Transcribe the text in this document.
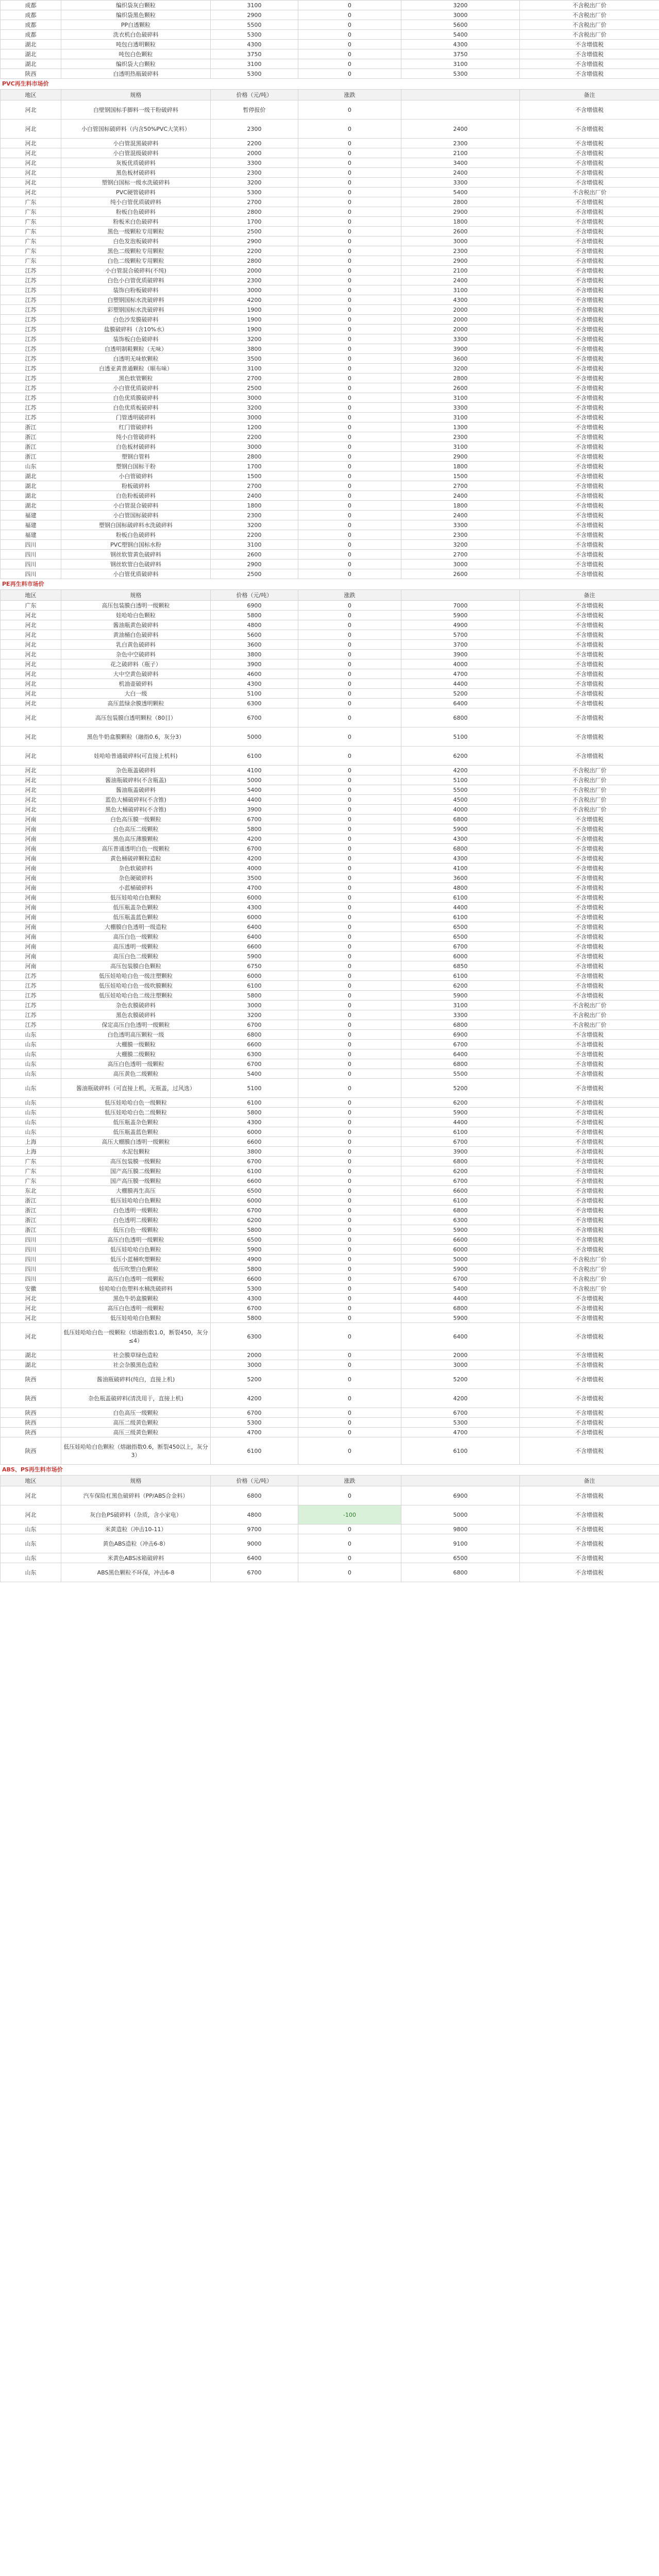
成都	编织袋灰白颗粒	3100	0	3200	不含税出厂价
成都	编织袋黑色颗粒	2900	0	3000	不含税出厂价
成都	PP白透颗粒	5500	0	5600	不含税出厂价
成都	洗衣机白色破碎料	5300	0	5400	不含税出厂价
湖北	吨包白透明颗粒	4300	0	4300	不含增值税
湖北	吨包白色颗粒	3750	0	3750	不含增值税
湖北	编织袋大白颗粒	3100	0	3100	不含增值税
陕西	白透明热瓶破碎料	5300	0	5300	不含增值税
PVC再生料市场价
地区	规格	价格（元/吨）	涨跌		备注
河北	白壁钢国标手脚料一级干粉破碎料	暂停报价	0		不含增值税
河北	小白管国标破碎料（内含50%PVC大笑料）	2300	0	2400	不含增值税
河北	小白管混黑破碎料	2200	0	2300	不含增值税
河北	小白管混级破碎料	2000	0	2100	不含增值税
河北	灰板优质破碎料	3300	0	3400	不含增值税
河北	黑色板材破碎料	2300	0	2400	不含增值税
河北	塑钢白国标一级水洗破碎料	3200	0	3300	不含增值税
河北	PVC硬管破碎料	5300	0	5400	不含税出厂价
广东	纯小白管优质破碎料	2700	0	2800	不含增值税
广东	粉板白色破碎料	2800	0	2900	不含增值税
广东	粉板米白色破碎料	1700	0	1800	不含增值税
广东	黑色一级颗粒专用颗粒	2500	0	2600	不含增值税
广东	白色发泡板破碎料	2900	0	3000	不含增值税
广东	黑色二级颗粒专用颗粒	2200	0	2300	不含增值税
广东	白色二级颗粒专用颗粒	2800	0	2900	不含增值税
江苏	小白管混合破碎料(不纯)	2000	0	2100	不含增值税
江苏	白色小白管优质破碎料	2300	0	2400	不含增值税
江苏	装饰白粉板破碎料	3000	0	3100	不含增值税
江苏	白塑钢国标水洗破碎料	4200	0	4300	不含增值税
江苏	彩塑钢国标水洗破碎料	1900	0	2000	不含增值税
江苏	白色沙发膜破碎料	1900	0	2000	不含增值税
江苏	盐膜破碎料（含10%水）	1900	0	2000	不含增值税
江苏	装饰板白色破碎料	3200	0	3300	不含增值税
江苏	白透明制鞋颗粒（无味）	3800	0	3900	不含增值税
江苏	白透明无味软颗粒	3500	0	3600	不含增值税
江苏	白透亚黄普通颗粒（顺布味）	3100	0	3200	不含增值税
江苏	黑色软管颗粒	2700	0	2800	不含增值税
江苏	小白管优质破碎料	2500	0	2600	不含增值税
江苏	白色优质膜破碎料	3000	0	3100	不含增值税
江苏	白色优质板破碎料	3200	0	3300	不含增值税
江苏	门管透明破碎料	3000	0	3100	不含增值税
浙江	红门管破碎料	1200	0	1300	不含增值税
浙江	纯小白管破碎料	2200	0	2300	不含增值税
浙江	白色板材破碎料	3000	0	3100	不含增值税
浙江	塑钢白管料	2800	0	2900	不含增值税
山东	塑钢白国标干粉	1700	0	1800	不含增值税
湖北	小白管破碎料	1500	0	1500	不含增值税
湖北	粉板破碎料	2700	0	2700	不含增值税
湖北	白色粉板破碎料	2400	0	2400	不含增值税
湖北	小白管混合破碎料	1800	0	1800	不含增值税
福建	小白管国标破碎料	2300	0	2400	不含增值税
福建	塑钢白国标破碎料水洗破碎料	3200	0	3300	不含增值税
福建	粉板白色破碎料	2200	0	2300	不含增值税
四川	PVC塑钢白国标水粉	3100	0	3200	不含增值税
四川	钢丝软管黄色破碎料	2600	0	2700	不含增值税
四川	钢丝软管白色破碎料	2900	0	3000	不含增值税
四川	小白管优质破碎料	2500	0	2600	不含增值税
PE再生料市场价
地区	规格	价格（元/吨）	涨跌		备注
广东	高压包装膜白透明一级颗粒	6900	0	7000	不含增值税
河北	娃哈哈白色颗粒	5800	0	5900	不含增值税
河北	酱油瓶黄色破碎料	4800	0	4900	不含增值税
河北	黄油桶白色破碎料	5600	0	5700	不含增值税
河北	乳白黄色破碎料	3600	0	3700	不含增值税
河北	杂色中空破碎料	3800	0	3900	不含增值税
河北	花之破碎料（瓶子）	3900	0	4000	不含增值税
河北	大中空黄色破碎料	4600	0	4700	不含增值税
河北	机油壶破碎料	4300	0	4400	不含增值税
河北	大白一级	5100	0	5200	不含增值税
河北	高压蓝绿余膜透明颗粒	6300	0	6400	不含增值税
河北	高压包装膜白透明颗粒（80目）	6700	0	6800	不含增值税
河北	黑色牛奶盒膜颗粒（融指0.6，灰分3）	5000	0	5100	不含增值税
河北	娃哈哈普通破碎料(可直接上机料)	6100	0	6200	不含增值税
河北	杂色瓶盖破碎料	4100	0	4200	不含税出厂价
河北	酱油瓶破碎料(不含瓶盖)	5000	0	5100	不含税出厂价
河北	酱油瓶盖破碎料	5400	0	5500	不含税出厂价
河北	蓝色大桶破碎料(不含锥)	4400	0	4500	不含税出厂价
河北	黑色大桶破碎料(不含锥)	3900	0	4000	不含税出厂价
河南	白色高压膜一级颗粒	6700	0	6800	不含增值税
河南	白色高压二级颗粒	5800	0	5900	不含增值税
河南	黑色高压薄膜颗粒	4200	0	4300	不含增值税
河南	高压普通透明白色一级颗粒	6700	0	6800	不含增值税
河南	黄色桶破碎颗粒造粒	4200	0	4300	不含增值税
河南	杂色软破碎料	4000	0	4100	不含增值税
河南	杂色硬破碎料	3500	0	3600	不含增值税
河南	小蓝桶破碎料	4700	0	4800	不含增值税
河南	低压娃哈哈白色颗粒	6000	0	6100	不含增值税
河南	低压瓶盖杂色颗粒	4300	0	4400	不含增值税
河南	低压瓶盖蓝色颗粒	6000	0	6100	不含增值税
河南	大棚膜白色透明一级造粒	6400	0	6500	不含增值税
河南	高压白色一级颗粒	6400	0	6500	不含增值税
河南	高压透明一级颗粒	6600	0	6700	不含增值税
河南	高压白色二级颗粒	5900	0	6000	不含增值税
河南	高压包装膜白色颗粒	6750	0	6850	不含增值税
江苏	低压娃哈哈白色一级注塑颗粒	6000	0	6100	不含增值税
江苏	低压娃哈哈白色一级吹膜颗粒	6100	0	6200	不含增值税
江苏	低压娃哈哈白色二级注塑颗粒	5800	0	5900	不含增值税
江苏	杂色农膜破碎料	3000	0	3100	不含税出厂价
江苏	黑色农膜破碎料	3200	0	3300	不含税出厂价
江苏	保定高压白色透明一级颗粒	6700	0	6800	不含税出厂价
山东	白色透明高压颗粒一级	6800	0	6900	不含增值税
山东	大棚膜一级颗粒	6600	0	6700	不含增值税
山东	大棚膜二级颗粒	6300	0	6400	不含增值税
山东	高压白色透明一级颗粒	6700	0	6800	不含增值税
山东	高压黄色二级颗粒	5400	0	5500	不含增值税
山东	酱油瓶破碎料（可直接上机，无瓶盖，过风选）	5100	0	5200	不含增值税
山东	低压娃哈哈白色一级颗粒	6100	0	6200	不含增值税
山东	低压娃哈哈白色二级颗粒	5800	0	5900	不含增值税
山东	低压瓶盖杂色颗粒	4300	0	4400	不含增值税
山东	低压瓶盖蓝色颗粒	6000	0	6100	不含增值税
上海	高压大棚膜白透明一级颗粒	6600	0	6700	不含增值税
上海	水泥包颗粒	3800	0	3900	不含增值税
广东	高压包装膜一级颗粒	6700	0	6800	不含增值税
广东	国产高压膜二级颗粒	6100	0	6200	不含增值税
广东	国产高压膜一级颗粒	6600	0	6700	不含增值税
东北	大棚膜再生高压	6500	0	6600	不含增值税
浙江	低压娃哈哈白色颗粒	6000	0	6100	不含增值税
浙江	白色透明一级颗粒	6700	0	6800	不含增值税
浙江	白色透明二级颗粒	6200	0	6300	不含增值税
浙江	低压白色一级颗粒	5800	0	5900	不含增值税
四川	高压白色透明一级颗粒	6500	0	6600	不含增值税
四川	低压娃哈哈白色颗粒	5900	0	6000	不含增值税
四川	低压小蓝桶吹塑颗粒	4900	0	5000	不含税出厂价
四川	低压吹塑白色颗粒	5800	0	5900	不含税出厂价
四川	高压白色透明一级颗粒	6600	0	6700	不含税出厂价
安徽	娃哈哈白色塑料水桶洗破碎料	5300	0	5400	不含税出厂价
河北	黑色牛奶盒膜颗粒	4300	0	4400	不含增值税
河北	高压白色透明一级颗粒	6700	0	6800	不含增值税
河北	低压娃哈哈白色颗粒	5800	0	5900	不含增值税
河北	低压娃哈哈白色一级颗粒（熔融指数1.0，断裂450，灰分≤4）	6300	0	6400	不含增值税
湖北	社会膜草绿色造粒	2000	0	2000	不含增值税
湖北	社会杂膜黑色造粒	3000	0	3000	不含增值税
陕西	酱油瓶破碎料(纯白，直接上机)	5200	0	5200	不含增值税
陕西	杂色瓶盖破碎料(清洗用于，直接上机)	4200	0	4200	不含增值税
陕西	白色高压一级颗粒	6700	0	6700	不含增值税
陕西	高压二级黄色颗粒	5300	0	5300	不含增值税
陕西	高压三级黄色颗粒	4700	0	4700	不含增值税
陕西	低压娃哈哈白色颗粒（熔融指数0.6，断裂450以上，灰分3）	6100	0	6100	不含增值税
ABS、PS再生料市场价
地区	规格	价格（元/吨）	涨跌		备注
河北	汽车保险杠黑色破碎料（PP/ABS合金料）	6800	0	6900	不含增值税
河北	灰白色PS破碎料（杂质，含小家电）	4800	-100	5000	不含增值税
山东	米黄造粒（冲击10-11）	9700	0	9800	不含增值税
山东	黄色ABS造粒（冲击6-8）	9000	0	9100	不含增值税
山东	米黄色ABS冰箱破碎料	6400	0	6500	不含增值税
山东	ABS黑色颗粒不环保，冲击6-8	6700	0	6800	不含增值税
